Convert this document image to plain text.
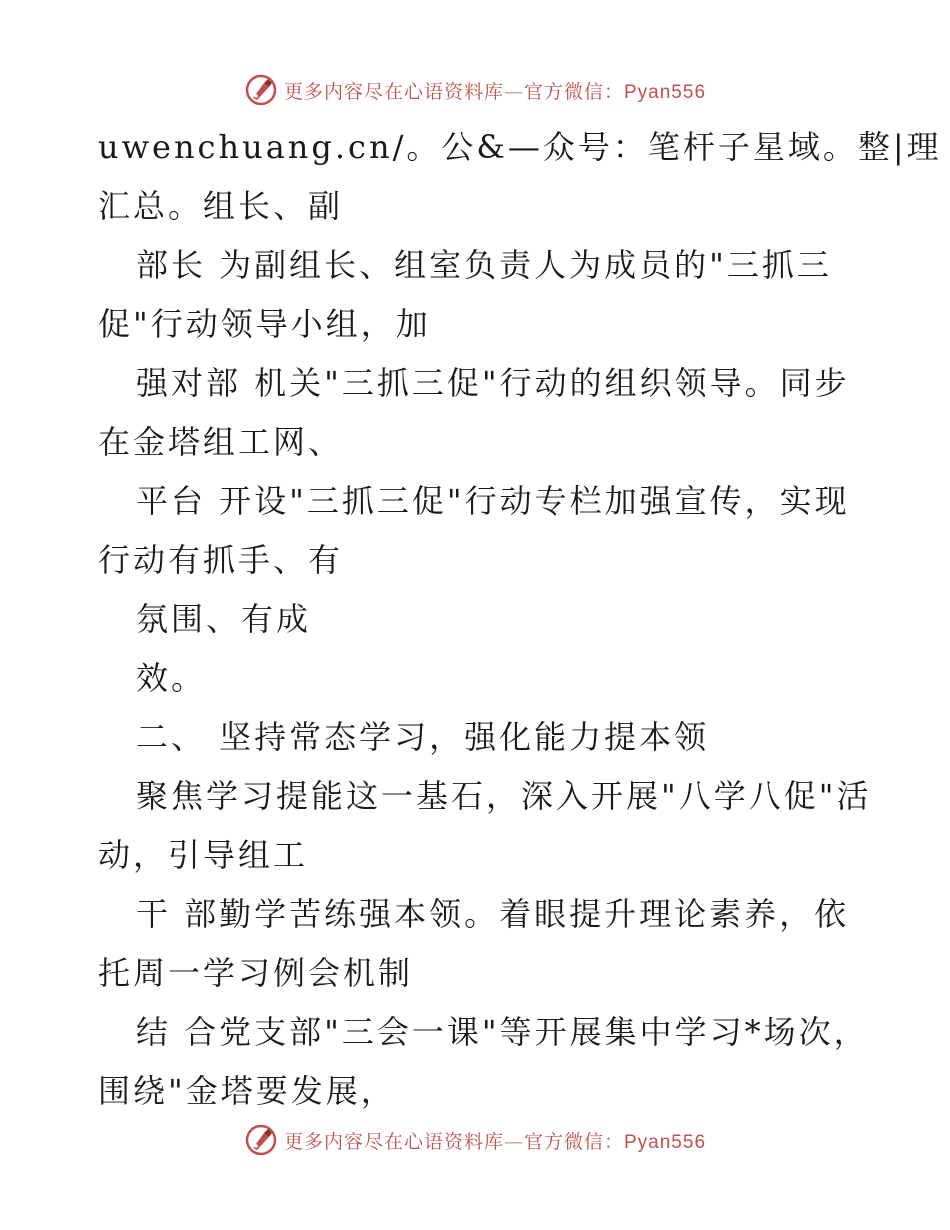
更多内容尽在心语资料库—官方微信：Pyan556
uwenchuang.cn/。公&—众号：笔杆子星域。整|理
汇总。组长、副
部长 为副组长、组室负责人为成员的"三抓三
促"行动领导小组，加
强对部 机关"三抓三促"行动的组织领导。同步
在金塔组工网、
平台 开设"三抓三促"行动专栏加强宣传，实现
行动有抓手、有
氛围、有成
效。
二、 坚持常态学习，强化能力提本领
聚焦学习提能这一基石，深入开展"八学八促"活
动，引导组工
干 部勤学苦练强本领。着眼提升理论素养，依
托周一学习例会机制
结 合党支部"三会一课"等开展集中学习*场次，
围绕"金塔要发展，
更多内容尽在心语资料库—官方微信：Pyan556
